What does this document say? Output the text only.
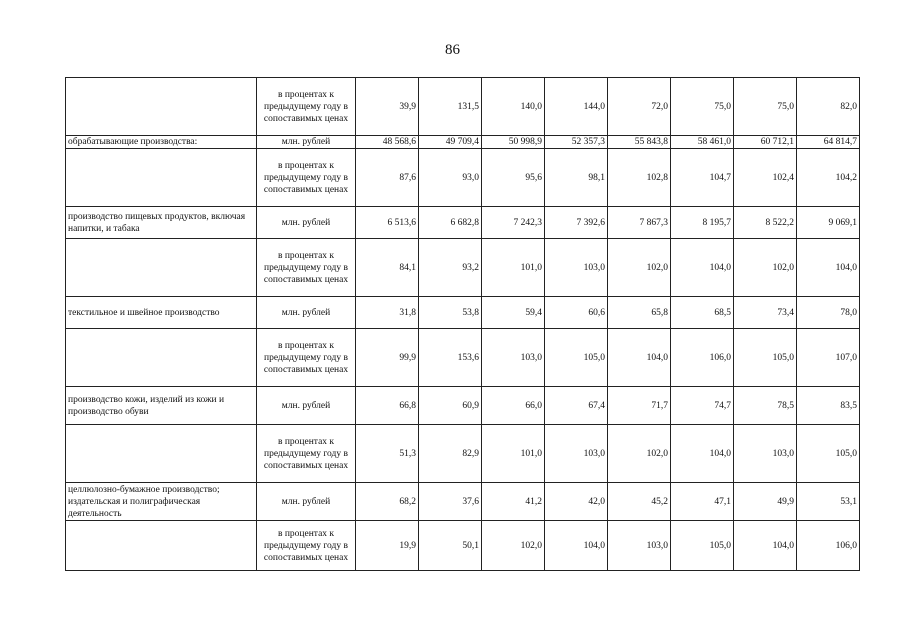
86
	в процентах к предыдущему году в сопоставимых ценах	39,9	131,5	140,0	144,0	72,0	75,0	75,0	82,0
обрабатывающие производства:	млн. рублей	48 568,6	49 709,4	50 998,9	52 357,3	55 843,8	58 461,0	60 712,1	64 814,7
	в процентах к предыдущему году в сопоставимых ценах	87,6	93,0	95,6	98,1	102,8	104,7	102,4	104,2
производство пищевых продуктов, включая напитки, и табака	млн. рублей	6 513,6	6 682,8	7 242,3	7 392,6	7 867,3	8 195,7	8 522,2	9 069,1
	в процентах к предыдущему году в сопоставимых ценах	84,1	93,2	101,0	103,0	102,0	104,0	102,0	104,0
текстильное и швейное производство	млн. рублей	31,8	53,8	59,4	60,6	65,8	68,5	73,4	78,0
	в процентах к предыдущему году в сопоставимых ценах	99,9	153,6	103,0	105,0	104,0	106,0	105,0	107,0
производство кожи, изделий из кожи и производство обуви	млн. рублей	66,8	60,9	66,0	67,4	71,7	74,7	78,5	83,5
	в процентах к предыдущему году в сопоставимых ценах	51,3	82,9	101,0	103,0	102,0	104,0	103,0	105,0
целлюлозно-бумажное производство; издательская и полиграфическая деятельность	млн. рублей	68,2	37,6	41,2	42,0	45,2	47,1	49,9	53,1
	в процентах к предыдущему году в сопоставимых ценах	19,9	50,1	102,0	104,0	103,0	105,0	104,0	106,0
